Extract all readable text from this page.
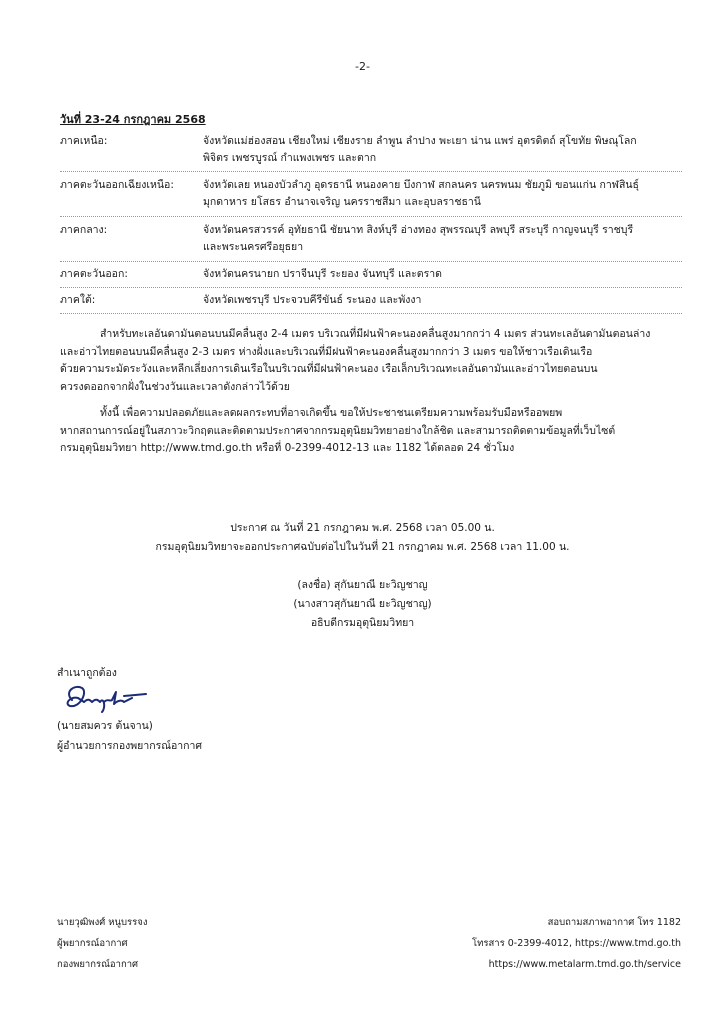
-2-
วันที่ 23-24 กรกฎาคม 2568
ภาคเหนือ:	จังหวัดแม่ฮ่องสอน เชียงใหม่ เชียงราย ลำพูน ลำปาง พะเยา น่าน แพร่ อุตรดิตถ์ สุโขทัย พิษณุโลก
พิจิตร เพชรบูรณ์ กำแพงเพชร และตาก
ภาคตะวันออกเฉียงเหนือ:	จังหวัดเลย หนองบัวลำภู อุดรธานี หนองคาย บึงกาฬ สกลนคร นครพนม ชัยภูมิ ขอนแก่น กาฬสินธุ์
มุกดาหาร ยโสธร อำนาจเจริญ นครราชสีมา และอุบลราชธานี
ภาคกลาง:	จังหวัดนครสวรรค์ อุทัยธานี ชัยนาท สิงห์บุรี อ่างทอง สุพรรณบุรี ลพบุรี สระบุรี กาญจนบุรี ราชบุรี
และพระนครศรีอยุธยา
ภาคตะวันออก:	จังหวัดนครนายก ปราจีนบุรี ระยอง จันทบุรี และตราด
ภาคใต้:	จังหวัดเพชรบุรี ประจวบคีรีขันธ์ ระนอง และพังงา
สำหรับทะเลอันดามันตอนบนมีคลื่นสูง 2-4 เมตร บริเวณที่มีฝนฟ้าคะนองคลื่นสูงมากกว่า 4 เมตร ส่วนทะเลอันดามันตอนล่าง
และอ่าวไทยตอนบนมีคลื่นสูง 2-3 เมตร ห่างฝั่งและบริเวณที่มีฝนฟ้าคะนองคลื่นสูงมากกว่า 3 เมตร ขอให้ชาวเรือเดินเรือ
ด้วยความระมัดระวังและหลีกเลี่ยงการเดินเรือในบริเวณที่มีฝนฟ้าคะนอง เรือเล็กบริเวณทะเลอันดามันและอ่าวไทยตอนบน
ควรงดออกจากฝั่งในช่วงวันและเวลาดังกล่าวไว้ด้วย
ทั้งนี้ เพื่อความปลอดภัยและลดผลกระทบที่อาจเกิดขึ้น ขอให้ประชาชนเตรียมความพร้อมรับมือหรืออพยพ
หากสถานการณ์อยู่ในสภาวะวิกฤตและติดตามประกาศจากกรมอุตุนิยมวิทยาอย่างใกล้ชิด และสามารถติดตามข้อมูลที่เว็บไซต์
กรมอุตุนิยมวิทยา http://www.tmd.go.th หรือที่ 0-2399-4012-13 และ 1182 ได้ตลอด 24 ชั่วโมง
ประกาศ ณ วันที่ 21 กรกฎาคม พ.ศ. 2568 เวลา 05.00 น.
กรมอุตุนิยมวิทยาจะออกประกาศฉบับต่อไปในวันที่ 21 กรกฎาคม พ.ศ. 2568 เวลา 11.00 น.
(ลงชื่อ) สุกันยาณี ยะวิญชาญ
(นางสาวสุกันยาณี ยะวิญชาญ)
อธิบดีกรมอุตุนิยมวิทยา
สำเนาถูกต้อง
(นายสมควร ต้นจาน)
ผู้อำนวยการกองพยากรณ์อากาศ
นายวุฒิพงศ์ หนูบรรจง
ผู้พยากรณ์อากาศ
กองพยากรณ์อากาศ
สอบถามสภาพอากาศ โทร 1182
โทรสาร 0-2399-4012, https://www.tmd.go.th
https://www.metalarm.tmd.go.th/service
